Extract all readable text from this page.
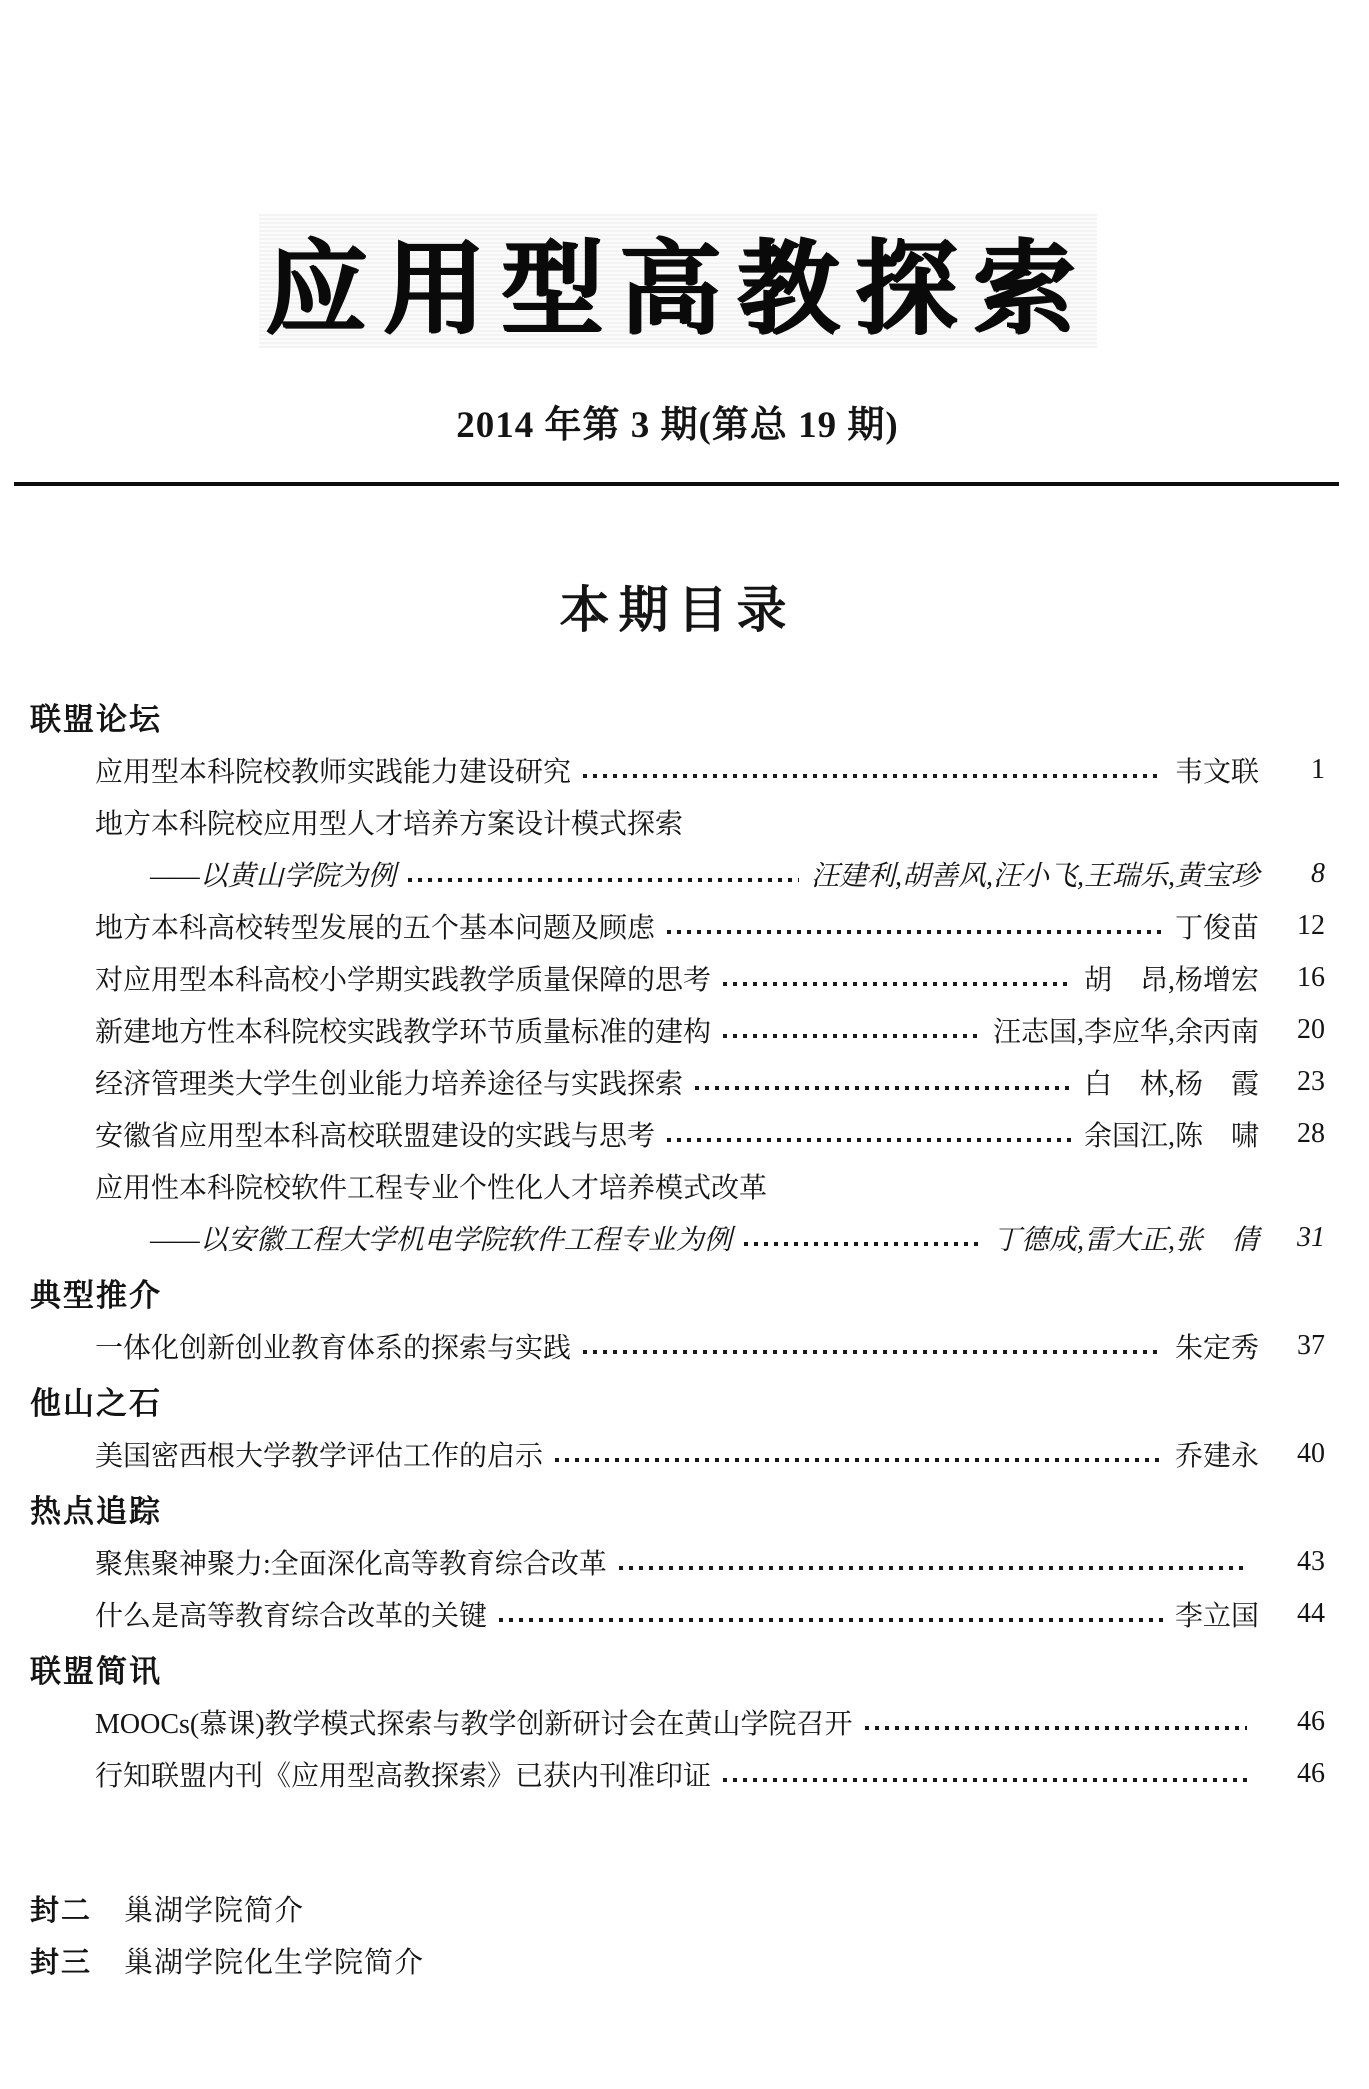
应用型高教探索
2014 年第 3 期(第总 19 期)
本期目录
联盟论坛
应用型本科院校教师实践能力建设研究	韦文联	1
地方本科院校应用型人才培养方案设计模式探索
——以黄山学院为例	汪建利,胡善风,汪小飞,王瑞乐,黄宝珍	8
地方本科高校转型发展的五个基本问题及顾虑	丁俊苗	12
对应用型本科高校小学期实践教学质量保障的思考	胡　昂,杨增宏	16
新建地方性本科院校实践教学环节质量标准的建构	汪志国,李应华,余丙南	20
经济管理类大学生创业能力培养途径与实践探索	白　林,杨　霞	23
安徽省应用型本科高校联盟建设的实践与思考	余国江,陈　啸	28
应用性本科院校软件工程专业个性化人才培养模式改革
——以安徽工程大学机电学院软件工程专业为例	丁德成,雷大正,张　倩	31
典型推介
一体化创新创业教育体系的探索与实践	朱定秀	37
他山之石
美国密西根大学教学评估工作的启示	乔建永	40
热点追踪
聚焦聚神聚力:全面深化高等教育综合改革	43
什么是高等教育综合改革的关键	李立国	44
联盟简讯
MOOCs(慕课)教学模式探索与教学创新研讨会在黄山学院召开	46
行知联盟内刊《应用型高教探索》已获内刊准印证	46
封二 巢湖学院简介
封三 巢湖学院化生学院简介
